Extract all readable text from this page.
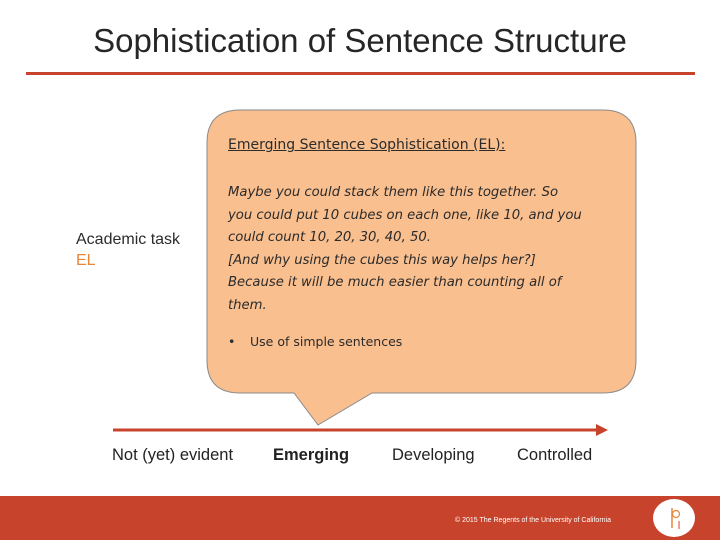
Sophistication of Sentence Structure
Emerging Sentence Sophistication (EL):
Maybe you could stack them like this together. So
you could put 10 cubes on each one, like 10, and you
could count 10, 20, 30, 40, 50.
[And why using the cubes this way helps her?]
Because it will be much easier than counting all of
them.
• Use of simple sentences
Academic task
EL
Not (yet) evident Emerging	Developing	Controlled
© 2015 The Regents of the University of California
